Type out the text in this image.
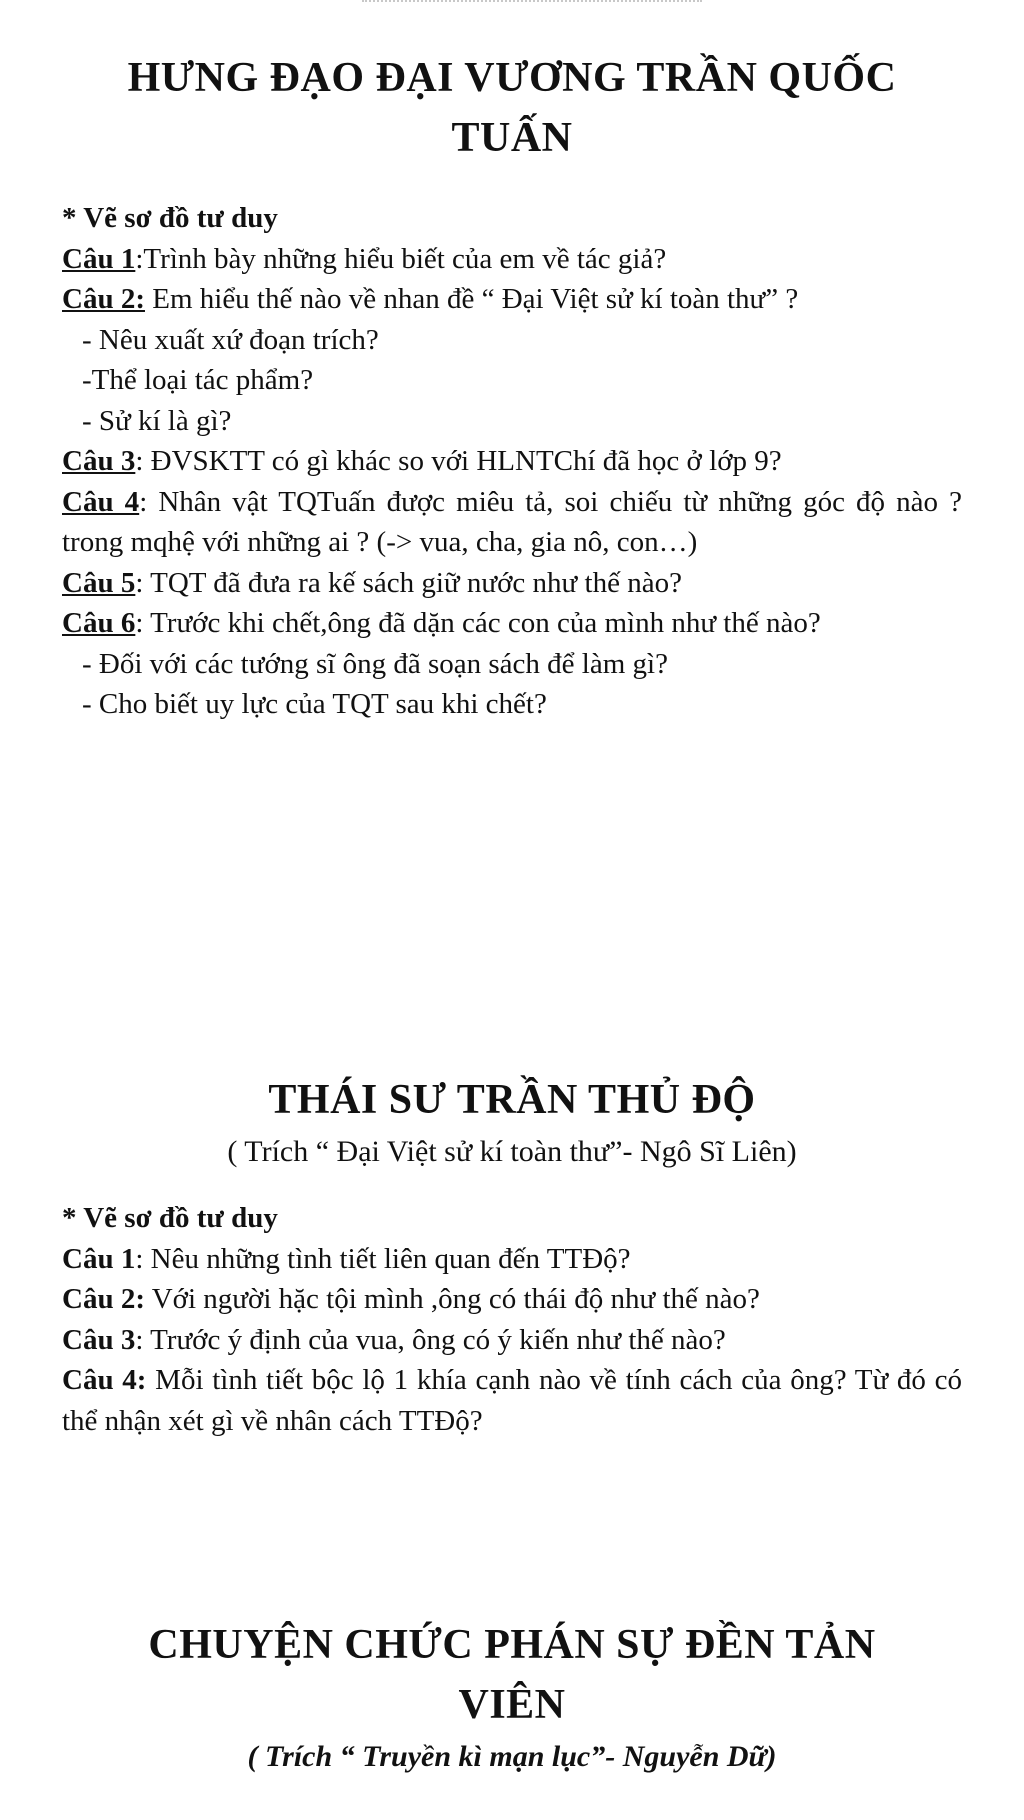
HƯNG ĐẠO ĐẠI VƯƠNG TRẦN QUỐC

TUẤN

* Vẽ sơ đồ tư duy

Câu 1:Trình bày những hiểu biết của em về tác giả?

Câu 2: Em hiểu thế nào về nhan đề “ Đại Việt sử kí toàn thư” ?

- Nêu xuất xứ đoạn trích?

-Thể loại tác phẩm?

- Sử kí là gì?

Câu 3: ĐVSKTT có gì khác so với HLNTChí đã học ở lớp 9?

Câu 4: Nhân vật TQTuấn được miêu tả, soi chiếu từ những góc độ nào ? trong mqhệ với những ai ? (-> vua, cha, gia nô, con…)

Câu 5: TQT đã đưa ra kế sách giữ nước như thế nào?

Câu 6: Trước khi chết,ông đã dặn các con của mình như thế nào?

- Đối với các tướng sĩ ông đã soạn sách để làm gì?

- Cho biết uy lực của TQT sau khi chết?

THÁI SƯ TRẦN THỦ ĐỘ

( Trích “ Đại Việt sử kí toàn thư”- Ngô Sĩ Liên)

* Vẽ sơ đồ tư duy

Câu 1: Nêu những tình tiết liên quan đến TTĐộ?

Câu 2: Với người hặc tội mình ,ông có thái độ như thế nào?

Câu 3: Trước ý định của vua, ông có ý kiến như thế nào?

Câu 4: Mỗi tình tiết bộc lộ 1 khía cạnh nào về tính cách của ông? Từ đó có thể nhận xét gì về nhân cách TTĐộ?

CHUYỆN CHỨC PHÁN SỰ ĐỀN TẢN

VIÊN

( Trích “ Truyền kì mạn lục”- Nguyễn Dữ)
